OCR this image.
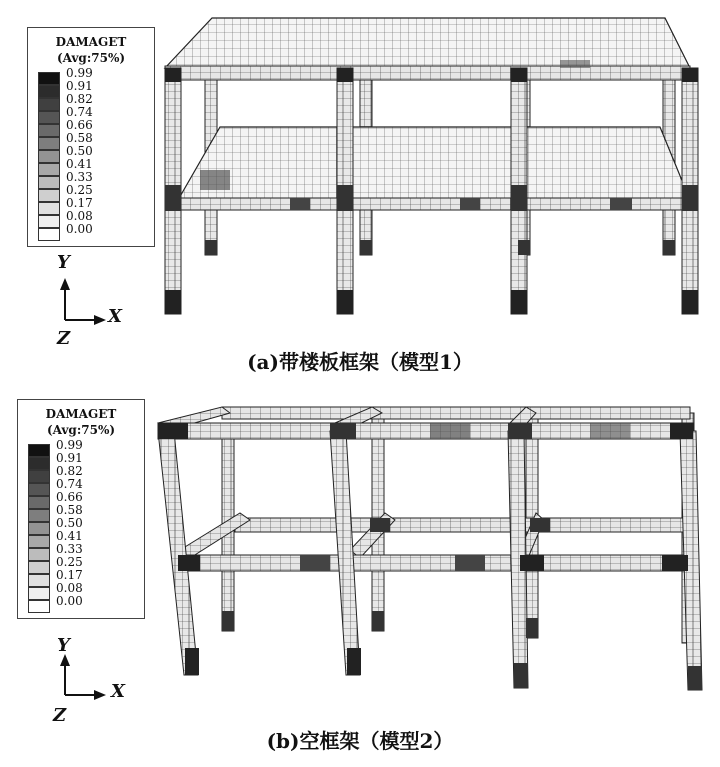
DAMAGET
(Avg:75%)
0.99
0.91
0.82
0.74
0.66
0.58
0.50
0.41
0.33
0.25
0.17
0.08
0.00
Y
X
Z
(a)带楼板框架（模型1）
DAMAGET
(Avg:75%)
0.99
0.91
0.82
0.74
0.66
0.58
0.50
0.41
0.33
0.25
0.17
0.08
0.00
Y
X
Z
(b)空框架（模型2）
